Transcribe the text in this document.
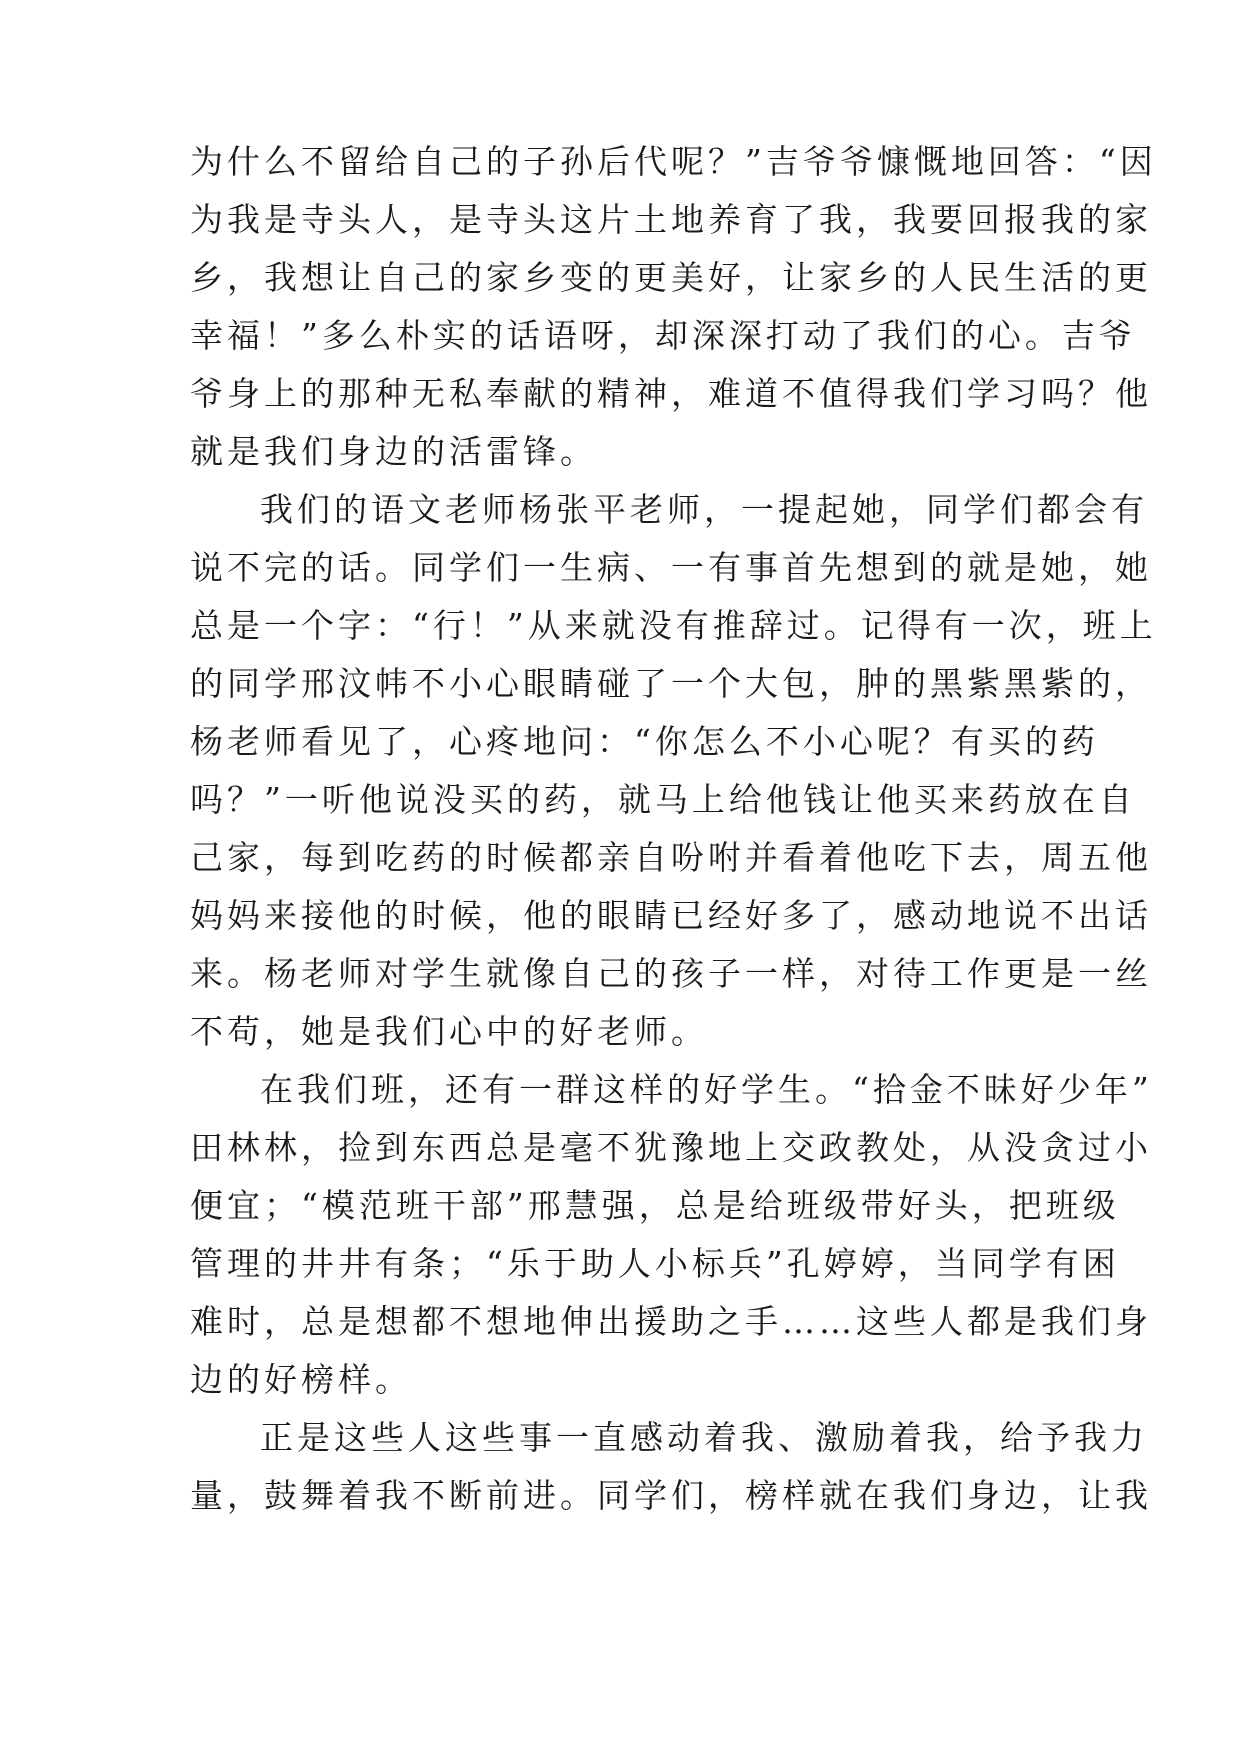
为什么不留给自己的子孙后代呢？”吉爷爷慷慨地回答：“因
为我是寺头人，是寺头这片土地养育了我，我要回报我的家
乡，我想让自己的家乡变的更美好，让家乡的人民生活的更
幸福！”多么朴实的话语呀，却深深打动了我们的心。吉爷
爷身上的那种无私奉献的精神，难道不值得我们学习吗？他
就是我们身边的活雷锋。
我们的语文老师杨张平老师，一提起她，同学们都会有
说不完的话。同学们一生病、一有事首先想到的就是她，她
总是一个字：“行！”从来就没有推辞过。记得有一次，班上
的同学邢汶帏不小心眼睛碰了一个大包，肿的黑紫黑紫的，
杨老师看见了，心疼地问：“你怎么不小心呢？有买的药
吗？”一听他说没买的药，就马上给他钱让他买来药放在自
己家，每到吃药的时候都亲自吩咐并看着他吃下去，周五他
妈妈来接他的时候，他的眼睛已经好多了，感动地说不出话
来。杨老师对学生就像自己的孩子一样，对待工作更是一丝
不苟，她是我们心中的好老师。
在我们班，还有一群这样的好学生。“拾金不昧好少年”
田林林，捡到东西总是毫不犹豫地上交政教处，从没贪过小
便宜；“模范班干部”邢慧强，总是给班级带好头，把班级
管理的井井有条；“乐于助人小标兵”孔婷婷，当同学有困
难时，总是想都不想地伸出援助之手……这些人都是我们身
边的好榜样。
正是这些人这些事一直感动着我、激励着我，给予我力
量，鼓舞着我不断前进。同学们，榜样就在我们身边，让我
